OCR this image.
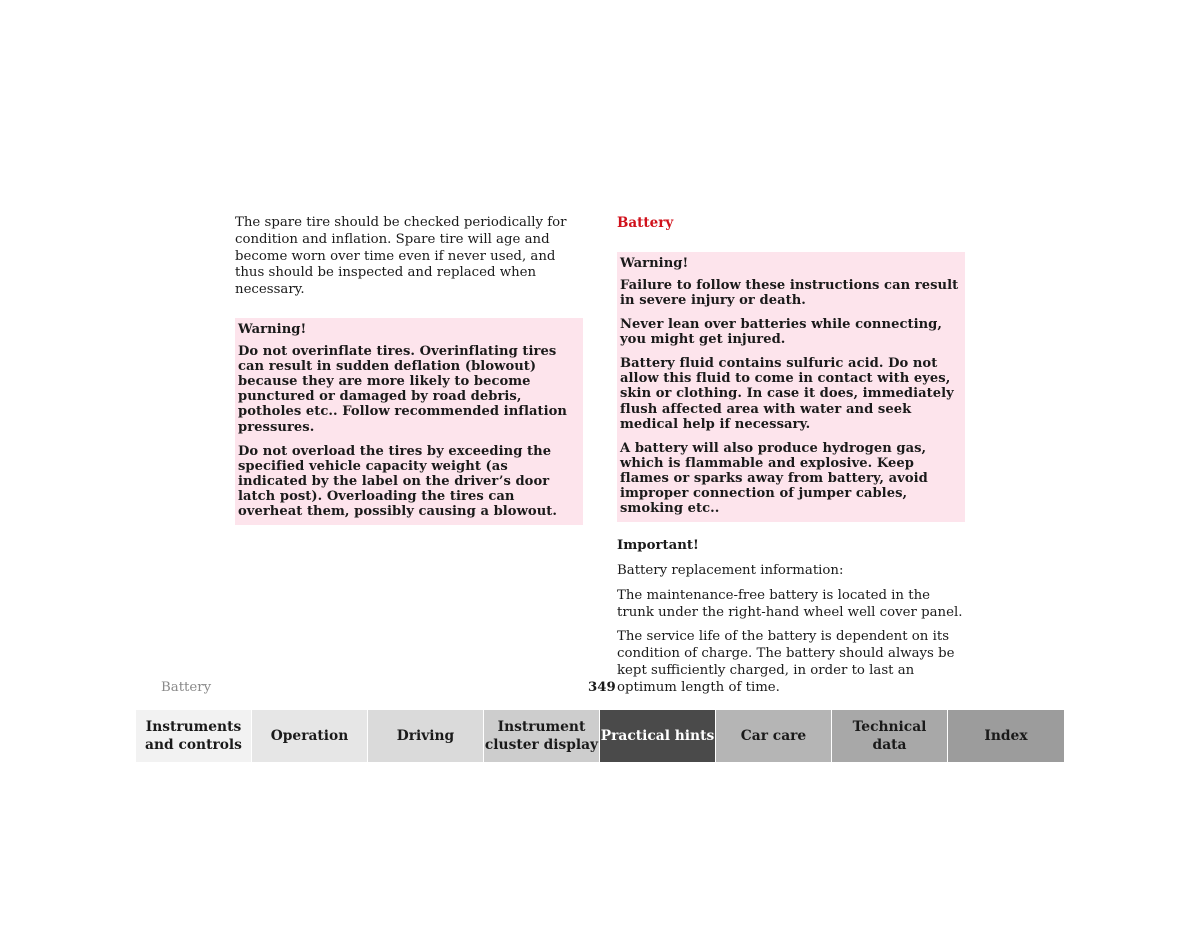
The spare tire should be checked periodically for condition and inflation. Spare tire will age and become worn over time even if never used, and thus should be inspected and replaced when necessary.

Warning!
Do not overinflate tires. Overinflating tires can result in sudden deflation (blowout) because they are more likely to become punctured or damaged by road debris, potholes etc.. Follow recommended inflation pressures.
Do not overload the tires by exceeding the specified vehicle capacity weight (as indicated by the label on the driver’s door latch post). Overloading the tires can overheat them, possibly causing a blowout.
Battery
Warning!
Failure to follow these instructions can result in severe injury or death.
Never lean over batteries while connecting, you might get injured.
Battery fluid contains sulfuric acid. Do not allow this fluid to come in contact with eyes, skin or clothing. In case it does, immediately flush affected area with water and seek medical help if necessary.
A battery will also produce hydrogen gas, which is flammable and explosive. Keep flames or sparks away from battery, avoid improper connection of jumper cables, smoking etc..
Important!

Battery replacement information:

The maintenance-free battery is located in the trunk under the right-hand wheel well cover panel.

The service life of the battery is dependent on its condition of charge. The battery should always be kept sufficiently charged, in order to last an optimum length of time.

Battery	349
Instruments
and controls
Operation	Driving
Instrument
cluster display
Practical hints	Car care
Technical
data
Index
